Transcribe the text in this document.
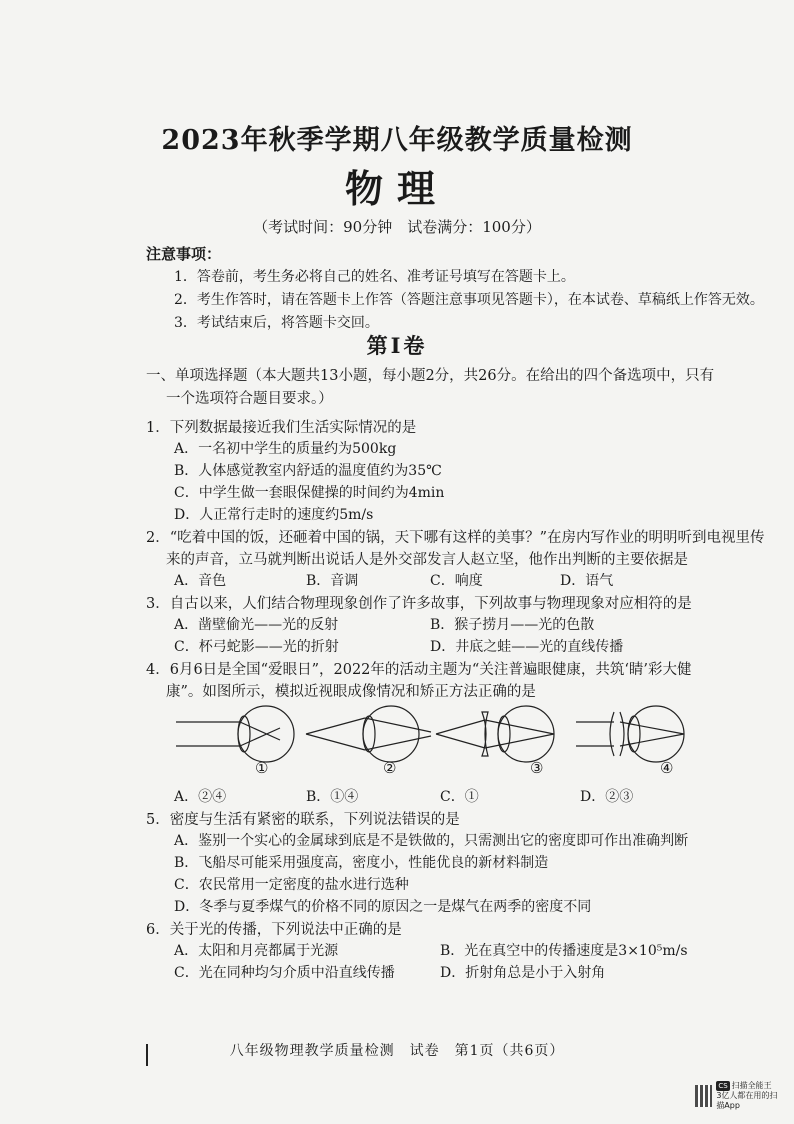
2023年秋季学期八年级教学质量检测
物理
（考试时间：90分钟　试卷满分：100分）
注意事项：
1．答卷前，考生务必将自己的姓名、准考证号填写在答题卡上。
2．考生作答时，请在答题卡上作答（答题注意事项见答题卡），在本试卷、草稿纸上作答无效。
3．考试结束后，将答题卡交回。
第Ⅰ卷
一、单项选择题（本大题共13小题，每小题2分，共26分。在给出的四个备选项中，只有
一个选项符合题目要求。）
1．下列数据最接近我们生活实际情况的是
A．一名初中学生的质量约为500kg
B．人体感觉教室内舒适的温度值约为35℃
C．中学生做一套眼保健操的时间约为4min
D．人正常行走时的速度约5m/s
2．“吃着中国的饭，还砸着中国的锅，天下哪有这样的美事？”在房内写作业的明明听到电视里传
来的声音，立马就判断出说话人是外交部发言人赵立坚，他作出判断的主要依据是
A．音色	B．音调	C．响度	D．语气
3．自古以来，人们结合物理现象创作了许多故事，下列故事与物理现象对应相符的是
A．凿壁偷光——光的反射	B．猴子捞月——光的色散
C．杯弓蛇影——光的折射	D．井底之蛙——光的直线传播
4．6月6日是全国“爱眼日”，2022年的活动主题为“关注普遍眼健康，共筑‘睛’彩大健
康”。如图所示，模拟近视眼成像情况和矫正方法正确的是
①	②	③	④
A．②④	B．①④	C．①	D．②③
5．密度与生活有紧密的联系，下列说法错误的是
A．鉴别一个实心的金属球到底是不是铁做的，只需测出它的密度即可作出准确判断
B．飞船尽可能采用强度高，密度小，性能优良的新材料制造
C．农民常用一定密度的盐水进行选种
D．冬季与夏季煤气的价格不同的原因之一是煤气在两季的密度不同
6．关于光的传播，下列说法中正确的是
A．太阳和月亮都属于光源	B．光在真空中的传播速度是3×10⁵m/s
C．光在同种均匀介质中沿直线传播	D．折射角总是小于入射角
八年级物理教学质量检测　试卷　第1页（共6页）
CS 扫描全能王
3亿人都在用的扫描App
